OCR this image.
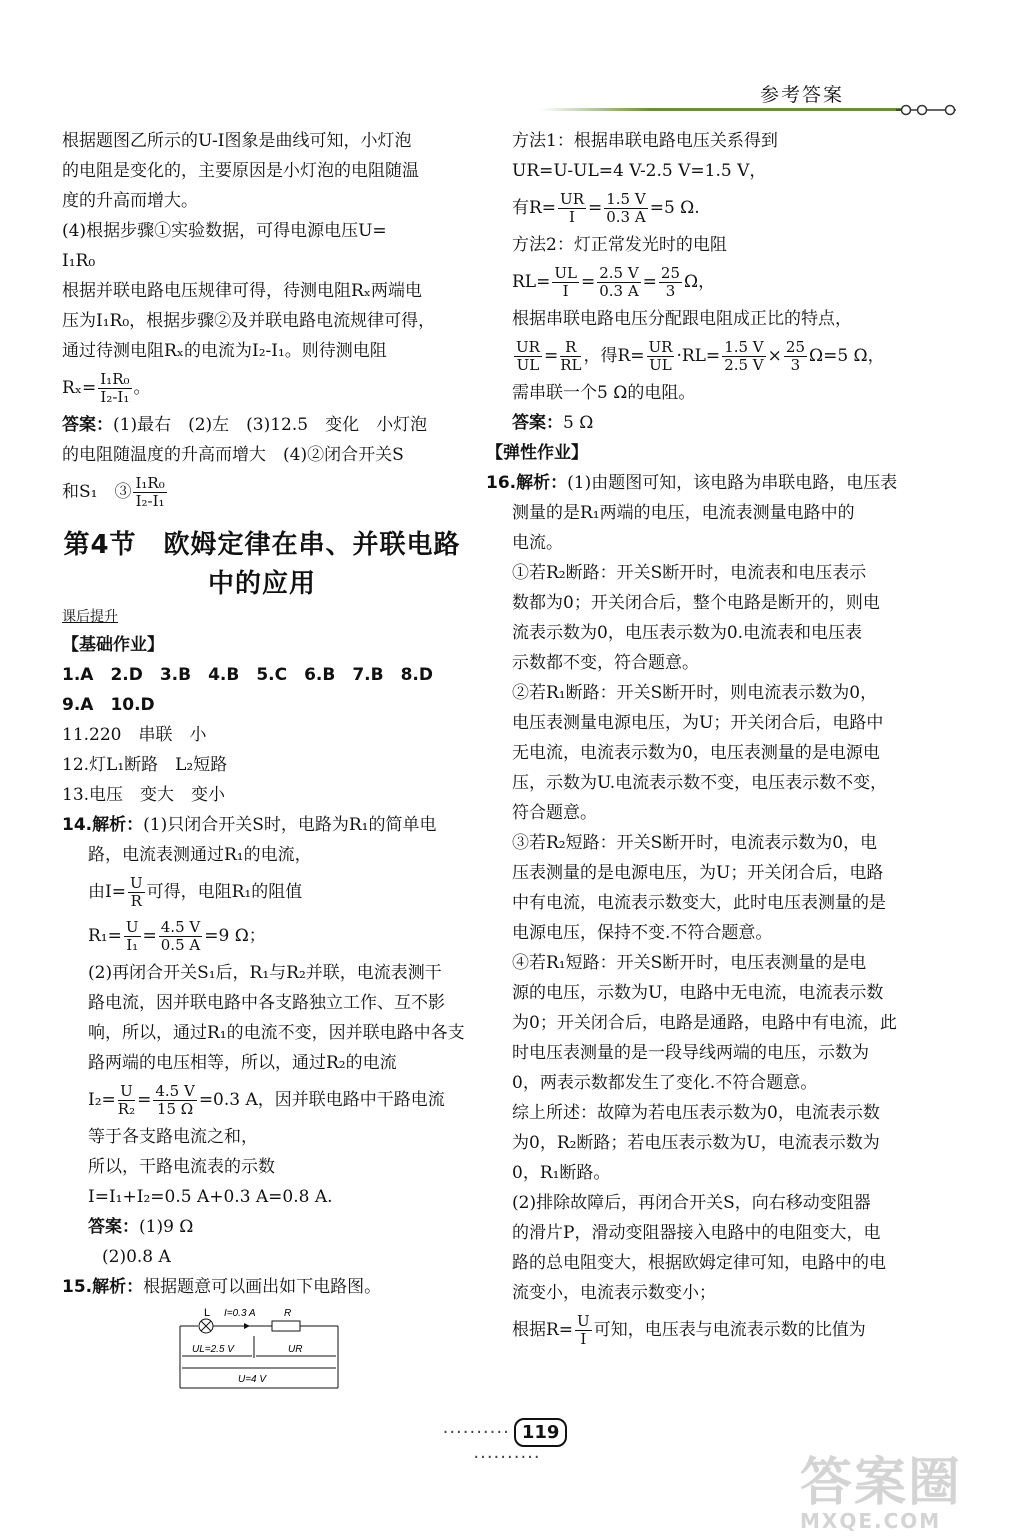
参考答案
根据题图乙所示的U-I图象是曲线可知，小灯泡
的电阻是变化的，主要原因是小灯泡的电阻随温
度的升高而增大。
(4)根据步骤①实验数据，可得电源电压U=
I₁R₀
根据并联电路电压规律可得，待测电阻Rₓ两端电
压为I₁R₀，根据步骤②及并联电路电流规律可得，
通过待测电阻Rₓ的电流为I₂-I₁。则待测电阻
$R_x= \frac{\text{I₁R₀}}{\text{I₂-I₁}}$ 。
答案：(1)最右　(2)左　(3)12.5　变化　小灯泡
的电阻随温度的升高而增大　(4)②闭合开关S
和S₁　③ $\frac{\text{I₁R₀}}{\text{I₂-I₁}}$
第4节　欧姆定律在串、并联电路
中的应用
课后提升
【基础作业】
1.A　2.D　3.B　4.B　5.C　6.B　7.B　8.D
9.A　10.D
11.220　串联　小
12.灯L₁断路　L₂短路
13.电压　变大　变小
14.解析：(1)只闭合开关S时，电路为R₁的简单电
路，电流表测通过R₁的电流，
由$I= \frac{U}{R}$ 可得，电阻R₁的阻值
$R_1= \frac{U}{\text{I₁}} = \frac{4.5 V}{0.5 A} =9$ Ω；
(2)再闭合开关S₁后，R₁与R₂并联，电流表测干
路电流，因并联电路中各支路独立工作、互不影
响，所以，通过R₁的电流不变，因并联电路中各支
路两端的电压相等，所以，通过R₂的电流
$I_2= \frac{U}{\text{R₂}} = \frac{4.5 V}{15 \Omega} =0.3$ A，因并联电路中干路电流
等于各支路电流之和，
所以，干路电流表的示数
I=I₁+I₂=0.5 A+0.3 A=0.8 A.
答案：(1)9 Ω
(2)0.8 A
15.解析：根据题意可以画出如下电路图。
L I=0.3 A	R
UL=2.5 V	UR
U=4 V
方法1：根据串联电路电压关系得到
UR=U-UL=4 V-2.5 V=1.5 V，
有$R= \frac{UR}{I} = \frac{1.5 V}{0.3 A} =5$ Ω.
方法2：灯正常发光时的电阻
$RL= \frac{UL}{I} = \frac{2.5 V}{0.3 A} = \frac{25}{3}$ Ω，
根据串联电路电压分配跟电阻成正比的特点，
$\frac{UR}{UL} = \frac{R}{RL}$ ，得$R= \frac{UR}{UL} \cdot RL= \frac{1.5 V}{2.5 V} \times \frac{25}{3} \Omega=5$ Ω，
需串联一个5 Ω的电阻。
答案：5 Ω
【弹性作业】
16.解析：(1)由题图可知，该电路为串联电路，电压表
测量的是R₁两端的电压，电流表测量电路中的
电流。
①若R₂断路：开关S断开时，电流表和电压表示
数都为0；开关闭合后，整个电路是断开的，则电
流表示数为0，电压表示数为0.电流表和电压表
示数都不变，符合题意。
②若R₁断路：开关S断开时，则电流表示数为0，
电压表测量电源电压，为U；开关闭合后，电路中
无电流，电流表示数为0，电压表测量的是电源电
压，示数为U.电流表示数不变，电压表示数不变，
符合题意。
③若R₂短路：开关S断开时，电流表示数为0，电
压表测量的是电源电压，为U；开关闭合后，电路
中有电流，电流表示数变大，此时电压表测量的是
电源电压，保持不变.不符合题意。
④若R₁短路：开关S断开时，电压表测量的是电
源的电压，示数为U，电路中无电流，电流表示数
为0；开关闭合后，电路是通路，电路中有电流，此
时电压表测量的是一段导线两端的电压，示数为
0，两表示数都发生了变化.不符合题意。
综上所述：故障为若电压表示数为0，电流表示数
为0，R₂断路；若电压表示数为U，电流表示数为
0，R₁断路。
(2)排除故障后，再闭合开关S，向右移动变阻器
的滑片P，滑动变阻器接入电路中的电阻变大，电
路的总电阻变大，根据欧姆定律可知，电路中的电
流变小，电流表示数变小；
根据$R= \frac{U}{I}$ 可知，电压表与电流表示数的比值为
·········· 119··········	答案圈
MXQE.COM
